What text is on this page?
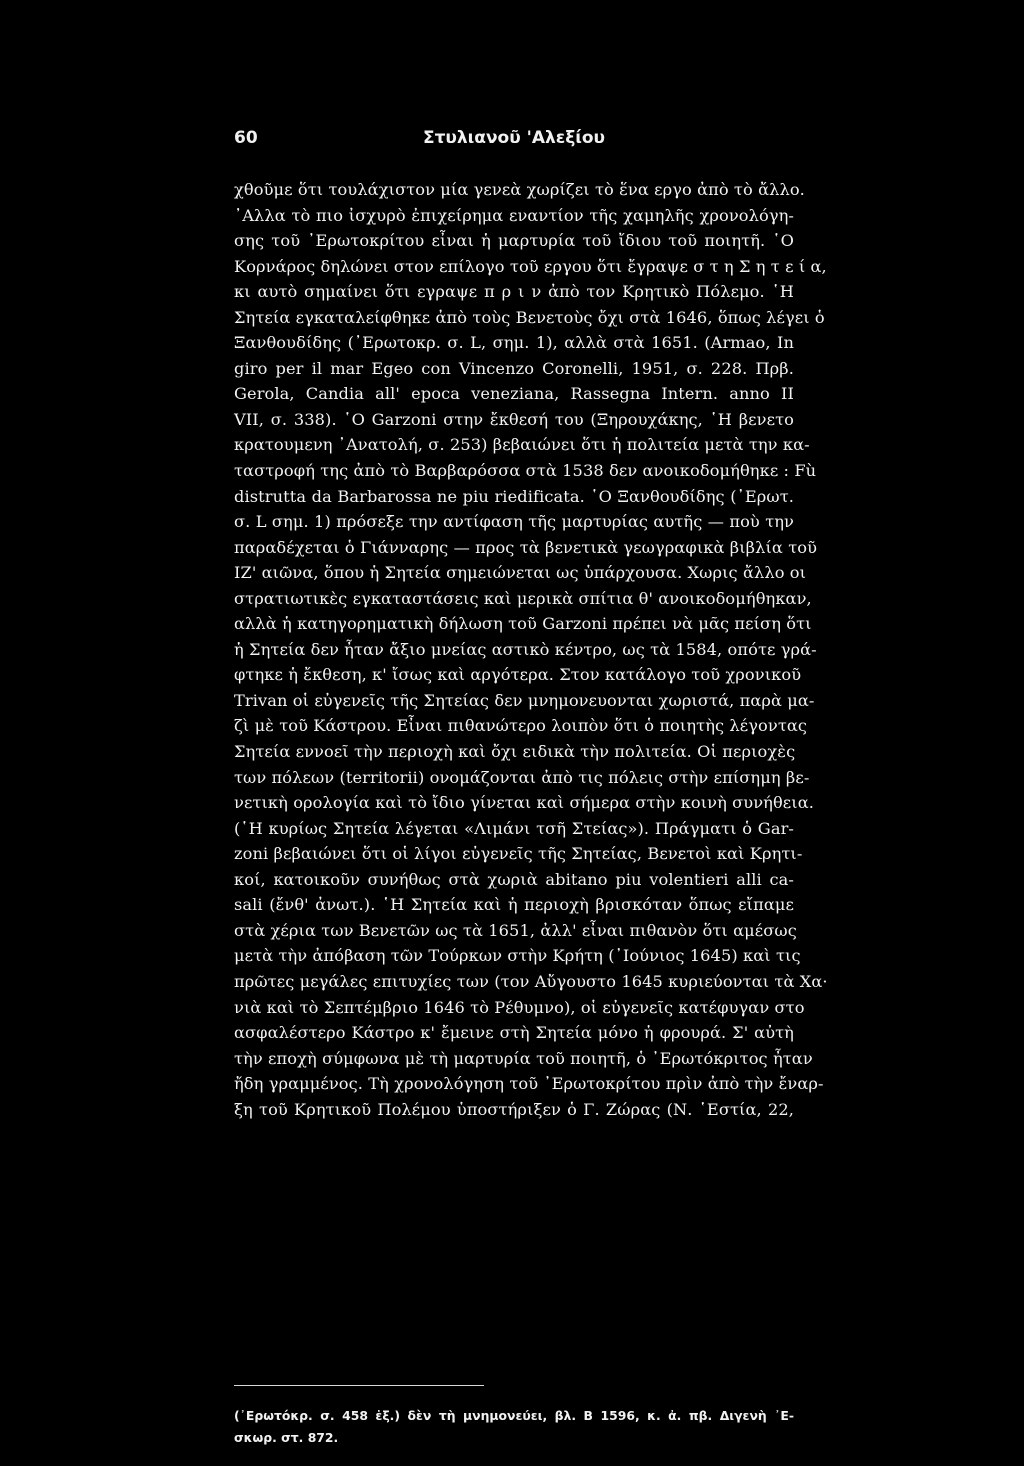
60	Στυλιανοῦ 'Αλεξίου
χθοῦμε ὅτι τουλάχιστον μία γενεὰ χωρίζει τὸ ἕνα εργο ἀπὸ τὸ ἄλλο.
᾿Αλλα τὸ πιο ἰσχυρὸ ἐπιχείρημα εναντίον τῆς χαμηλῆς χρονολόγη-
σης τοῦ ᾿Ερωτοκρίτου εἶναι ἡ μαρτυρία τοῦ ἴδιου τοῦ ποιητῆ. ῾Ο
Κορνάρος δηλώνει στον επίλογο τοῦ εργου ὅτι ἔγραψε σ τ η Σ η τ ε ί α,
κι αυτὸ σημαίνει ὅτι εγραψε π ρ ι ν ἀπὸ τον Κρητικὸ Πόλεμο. ῾Η
Σητεία εγκαταλείφθηκε ἀπὸ τοὺς Βενετοὺς ὄχι στὰ 1646, ὅπως λέγει ὁ
Ξανθουδίδης (᾿Ερωτοκρ. σ. L, σημ. 1), αλλὰ στὰ 1651. (Armao, In
giro per il mar Egeo con Vincenzo Coronelli, 1951, σ. 228. Πρβ.
Gerola, Candia all' epoca veneziana, Rassegna Intern. anno II
VII, σ. 338). ῾Ο Garzoni στην ἔκθεσή του (Ξηρουχάκης, ῾Η βενετο
κρατουμενη ᾿Ανατολή, σ. 253) βεβαιώνει ὅτι ἡ πολιτεία μετὰ την κα-
ταστροφή της ἀπὸ τὸ Βαρβαρόσσα στὰ 1538 δεν ανοικοδομήθηκε : Fù
distrutta da Barbarossa ne piu riedificata. ῾Ο Ξανθουδίδης (᾿Ερωτ.
σ. L σημ. 1) πρόσεξε την αντίφαση τῆς μαρτυρίας αυτῆς — ποὺ την
παραδέχεται ὁ Γιάνναρης — προς τὰ βενετικὰ γεωγραφικὰ βιβλία τοῦ
ΙΖ' αιῶνα, ὅπου ἡ Σητεία σημειώνεται ως ὑπάρχουσα. Χωρις ἄλλο οι
στρατιωτικὲς εγκαταστάσεις καὶ μερικὰ σπίτια θ' ανοικοδομήθηκαν,
αλλὰ ἡ κατηγορηματικὴ δήλωση τοῦ Garzoni πρέπει νὰ μᾶς πείση ὅτι
ἡ Σητεία δεν ἦταν ἄξιο μνείας αστικὸ κέντρο, ως τὰ 1584, οπότε γρά-
φτηκε ἡ ἔκθεση, κ' ἴσως καὶ αργότερα. Στον κατάλογο τοῦ χρονικοῦ
Trivan οἱ εὐγενεῖς τῆς Σητείας δεν μνημονευονται χωριστά, παρὰ μα-
ζὶ μὲ τοῦ Κάστρου. Εἶναι πιθανώτερο λοιπὸν ὅτι ὁ ποιητὴς λέγοντας
Σητεία εννοεῖ τὴν περιοχὴ καὶ ὄχι ειδικὰ τὴν πολιτεία. Οἱ περιοχὲς
των πόλεων (territorii) ονομάζονται ἀπὸ τις πόλεις στὴν επίσημη βε-
νετικὴ ορολογία καὶ τὸ ἴδιο γίνεται καὶ σήμερα στὴν κοινὴ συνήθεια.
(῾Η κυρίως Σητεία λέγεται «Λιμάνι τσῆ Στείας»). Πράγματι ὁ Gar-
zoni βεβαιώνει ὅτι οἱ λίγοι εὐγενεῖς τῆς Σητείας, Βενετοὶ καὶ Κρητι-
κοί, κατοικοῦν συνήθως στὰ χωριὰ abitano piu volentieri alli ca-
sali (ἔνθ' ἀνωτ.). ῾Η Σητεία καὶ ἡ περιοχὴ βρισκόταν ὅπως εἴπαμε
στὰ χέρια των Βενετῶν ως τὰ 1651, ἀλλ' εἶναι πιθανὸν ὅτι αμέσως
μετὰ τὴν ἀπόβαση τῶν Τούρκων στὴν Κρήτη (᾿Ιούνιος 1645) καὶ τις
πρῶτες μεγάλες επιτυχίες των (τον Αὔγουστο 1645 κυριεύονται τὰ Χα·
νιὰ καὶ τὸ Σεπτέμβριο 1646 τὸ Ρέθυμνο), οἱ εὐγενεῖς κατέφυγαν στο
ασφαλέστερο Κάστρο κ' ἔμεινε στὴ Σητεία μόνο ἡ φρουρά. Σ' αὐτὴ
τὴν εποχὴ σύμφωνα μὲ τὴ μαρτυρία τοῦ ποιητῆ, ὁ ᾿Ερωτόκριτος ἦταν
ἤδη γραμμένος. Τὴ χρονολόγηση τοῦ ᾿Ερωτοκρίτου πρὶν ἀπὸ τὴν ἔναρ-
ξη τοῦ Κρητικοῦ Πολέμου ὑποστήριξεν ὁ Γ. Ζώρας (Ν. ῾Εστία, 22,
(᾿Ερωτόκρ. σ. 458 ἑξ.) δὲν τὴ μνημονεύει, βλ. Β 1596, κ. ἀ. πβ. Διγενὴ ᾿Ε-
σκωρ. στ. 872.
